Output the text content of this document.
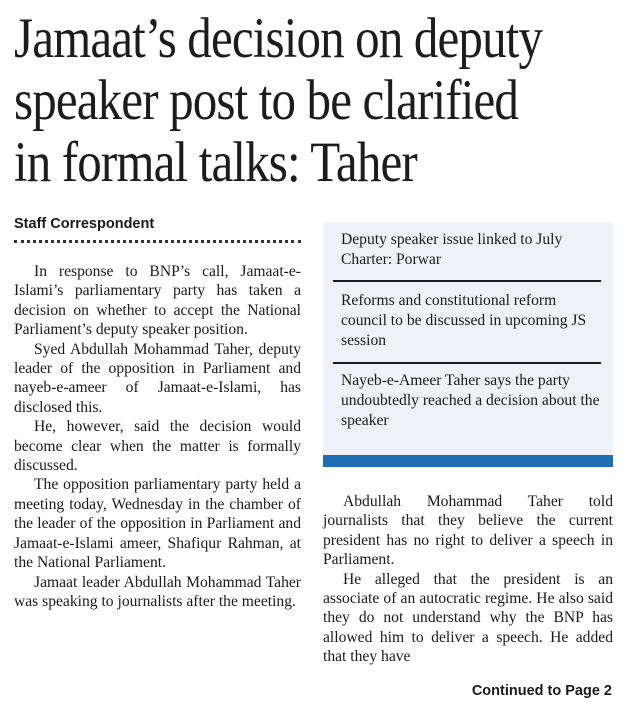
Jamaat’s decision on deputy
speaker post to be clarified
in formal talks: Taher
Staff Correspondent

In response to BNP’s call, Jamaat-e-Islami’s parliamentary party has taken a decision on whether to accept the National Parliament’s deputy speaker position.

Syed Abdullah Mohammad Taher, deputy leader of the opposition in Parliament and nayeb-e-ameer of Jamaat-e-Islami, has disclosed this.

He, however, said the decision would become clear when the matter is formally discussed.

The opposition parliamentary party held a meeting today, Wednesday in the chamber of the leader of the opposition in Parliament and Jamaat-e-Islami ameer, Shafiqur Rahman, at the National Parliament.

Jamaat leader Abdullah Mohammad Taher was speaking to journalists after the meeting.

Deputy speaker issue linked to July Charter: Porwar

Reforms and constitutional reform council to be discussed in upcoming JS session

Nayeb-e-Ameer Taher says the party undoubtedly reached a decision about the speaker

Abdullah Mohammad Taher told journalists that they believe the current president has no right to deliver a speech in Parliament.

He alleged that the president is an associate of an autocratic regime. He also said they do not understand why the BNP has allowed him to deliver a speech. He added that they have

Continued to Page 2
